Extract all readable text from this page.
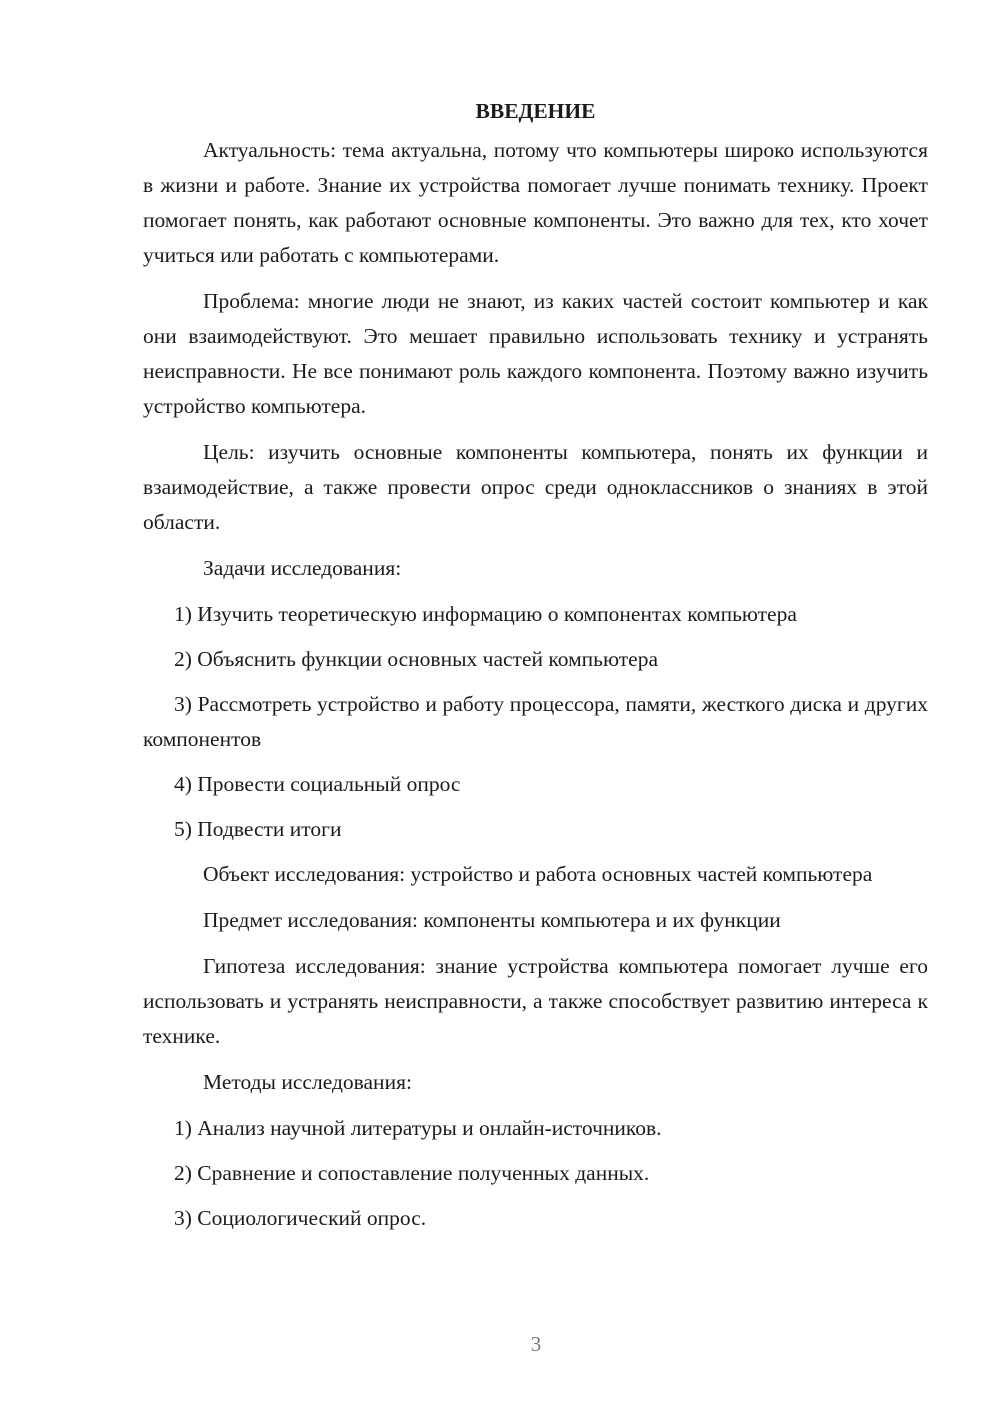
ВВЕДЕНИЕ

Актуальность: тема актуальна, потому что компьютеры широко используются в жизни и работе. Знание их устройства помогает лучше понимать технику. Проект помогает понять, как работают основные компоненты. Это важно для тех, кто хочет учиться или работать с компьютерами.

Проблема: многие люди не знают, из каких частей состоит компьютер и как они взаимодействуют. Это мешает правильно использовать технику и устранять неисправности. Не все понимают роль каждого компонента. Поэтому важно изучить устройство компьютера.

Цель: изучить основные компоненты компьютера, понять их функции и взаимодействие, а также провести опрос среди одноклассников о знаниях в этой области.

Задачи исследования:

1) Изучить теоретическую информацию о компонентах компьютера

2) Объяснить функции основных частей компьютера

3) Рассмотреть устройство и работу процессора, памяти, жесткого диска и других компонентов

4) Провести социальный опрос

5) Подвести итоги

Объект исследования: устройство и работа основных частей компьютера

Предмет исследования: компоненты компьютера и их функции

Гипотеза исследования: знание устройства компьютера помогает лучше его использовать и устранять неисправности, а также способствует развитию интереса к технике.

Методы исследования:

1) Анализ научной литературы и онлайн-источников.

2) Сравнение и сопоставление полученных данных.

3) Социологический опрос.

3
